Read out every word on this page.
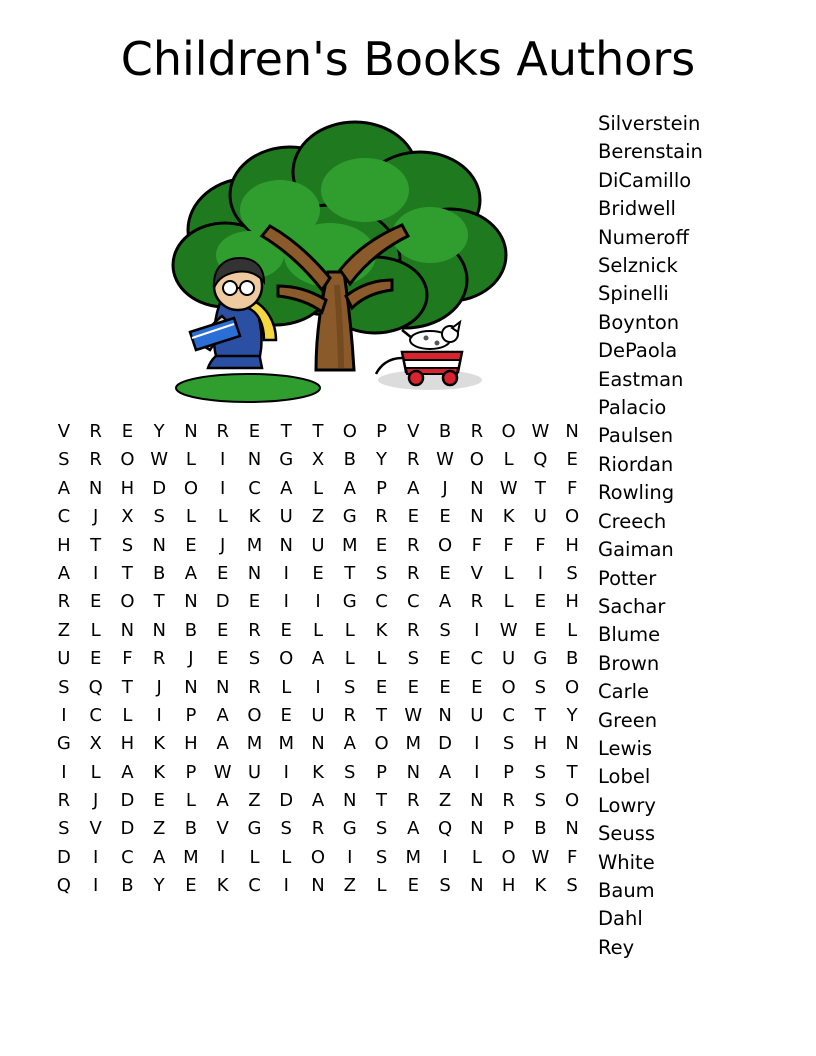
Children's Books Authors
Silverstein
Berenstain
DiCamillo
Bridwell
Numeroff
Selznick
Spinelli
Boynton
DePaola
Eastman
Palacio
Paulsen
Riordan
Rowling
Creech
Gaiman
Potter
Sachar
Blume
Brown
Carle
Green
Lewis
Lobel
Lowry
Seuss
White
Baum
Dahl
Rey
V	R	E	Y	N	R	E	T	T	O	P	V	B	R	O W N
S	R	O W L	I	N	G	X	B	Y	R W O	L	Q	E
A	N	H	D O	I	C	A	L	A	P	A	J	N W T	F
C	J	X	S	L	L	K	U	Z	G	R	E	E	N	K	U	O
H	T	S	N	E	J	M N	U M	E	R	O	F	F	F	H
A	I	T	B	A	E	N	I	E	T	S	R	E	V	L	I	S
R	E	O	T	N	D	E	I	I	G	C	C	A	R	L	E	H
Z	L	N	N	B	E	R	E	L	L	K	R	S	I	W E	L
U	E	F	R	J	E	S	O	A	L	L	S	E	C	U	G	B
S	Q	T	J	N	N	R	L	I	S	E	E	E	E	O	S	O
I	C	L	I	P	A	O	E	U	R	T W N	U	C	T	Y
G	X	H	K	H	A M M N	A	O M D	I	S	H	N
I	L	A	K	P W U	I	K	S	P	N	A	I	P	S	T
R	J	D	E	L	A	Z	D	A	N	T	R	Z	N	R	S	O
S	V	D	Z	B	V	G	S	R	G	S	A	Q N	P	B	N
D	I	C	A M	I	L	L	O	I	S	M	I	L	O W F
Q	I	B	Y	E	K	C	I	N	Z	L	E	S	N	H	K	S
